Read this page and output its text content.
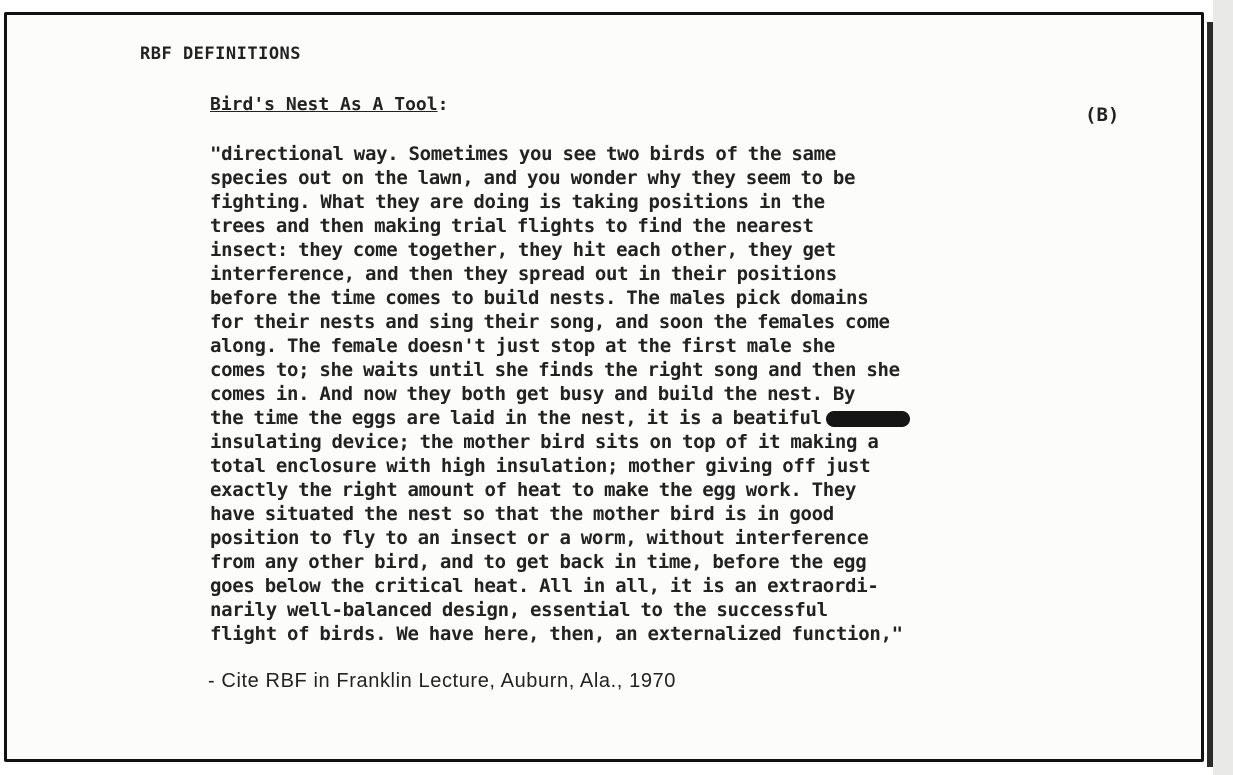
RBF DEFINITIONS
Bird's Nest As A Tool:	(B)
"directional way. Sometimes you see two birds of the same
species out on the lawn, and you wonder why they seem to be
fighting. What they are doing is taking positions in the
trees and then making trial flights to find the nearest
insect: they come together, they hit each other, they get
interference, and then they spread out in their positions
before the time comes to build nests. The males pick domains
for their nests and sing their song, and soon the females come
along. The female doesn't just stop at the first male she
comes to; she waits until she finds the right song and then she
comes in. And now they both get busy and build the nest. By
the time the eggs are laid in the nest, it is a beatiful
insulating device; the mother bird sits on top of it making a
total enclosure with high insulation; mother giving off just
exactly the right amount of heat to make the egg work. They
have situated the nest so that the mother bird is in good
position to fly to an insect or a worm, without interference
from any other bird, and to get back in time, before the egg
goes below the critical heat. All in all, it is an extraordi-
narily well-balanced design, essential to the successful
flight of birds. We have here, then, an externalized function,"
- Cite RBF in Franklin Lecture, Auburn, Ala., 1970
